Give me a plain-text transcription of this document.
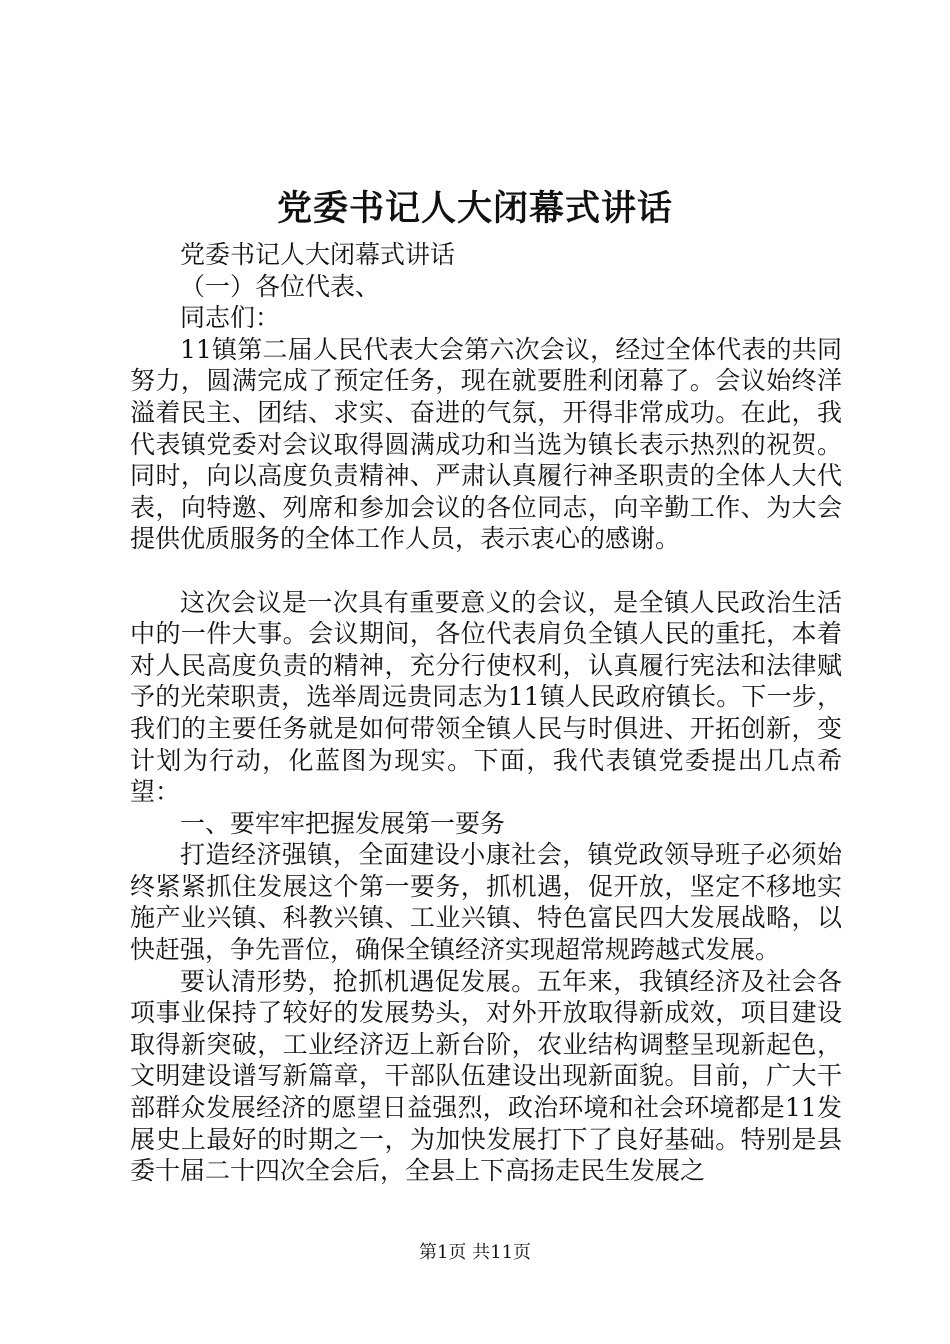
党委书记人大闭幕式讲话

党委书记人大闭幕式讲话

（一）各位代表、

同志们：

11镇第二届人民代表大会第六次会议，经过全体代表的共同努力，圆满完成了预定任务，现在就要胜利闭幕了。会议始终洋溢着民主、团结、求实、奋进的气氛，开得非常成功。在此，我代表镇党委对会议取得圆满成功和当选为镇长表示热烈的祝贺。同时，向以高度负责精神、严肃认真履行神圣职责的全体人大代表，向特邀、列席和参加会议的各位同志，向辛勤工作、为大会提供优质服务的全体工作人员，表示衷心的感谢。

这次会议是一次具有重要意义的会议，是全镇人民政治生活中的一件大事。会议期间，各位代表肩负全镇人民的重托，本着对人民高度负责的精神，充分行使权利，认真履行宪法和法律赋予的光荣职责，选举周远贵同志为11镇人民政府镇长。下一步，我们的主要任务就是如何带领全镇人民与时俱进、开拓创新，变计划为行动，化蓝图为现实。下面，我代表镇党委提出几点希望：

一、要牢牢把握发展第一要务

打造经济强镇，全面建设小康社会，镇党政领导班子必须始终紧紧抓住发展这个第一要务，抓机遇，促开放，坚定不移地实施产业兴镇、科教兴镇、工业兴镇、特色富民四大发展战略，以快赶强，争先晋位，确保全镇经济实现超常规跨越式发展。

要认清形势，抢抓机遇促发展。五年来，我镇经济及社会各项事业保持了较好的发展势头，对外开放取得新成效，项目建设取得新突破，工业经济迈上新台阶，农业结构调整呈现新起色，文明建设谱写新篇章，干部队伍建设出现新面貌。目前，广大干部群众发展经济的愿望日益强烈，政治环境和社会环境都是11发展史上最好的时期之一，为加快发展打下了良好基础。特别是县委十届二十四次全会后，全县上下高扬走民生发展之

第1页 共11页
